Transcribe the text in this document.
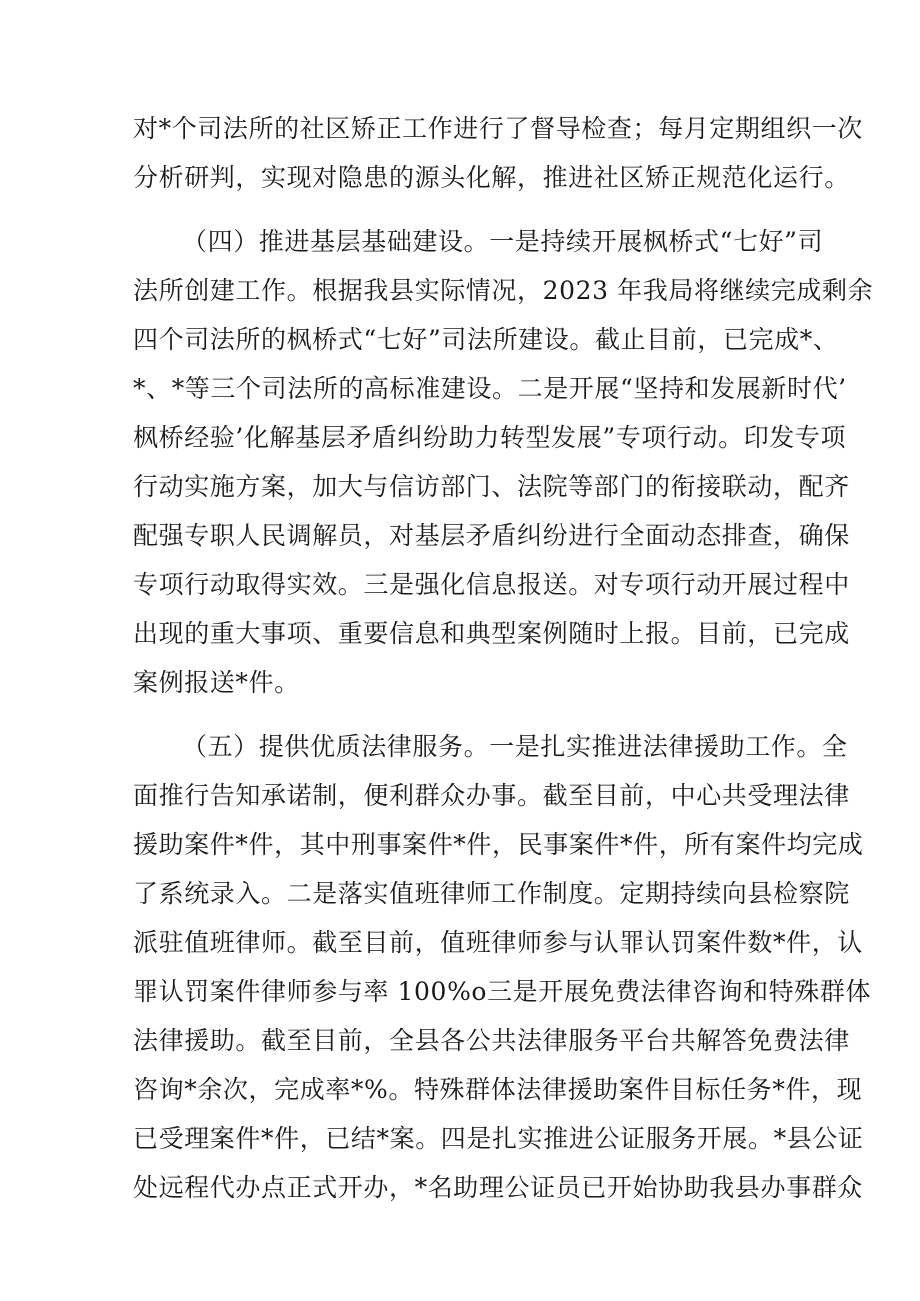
对*个司法所的社区矫正工作进行了督导检查；每月定期组织一次
分析研判，实现对隐患的源头化解，推进社区矫正规范化运行。
（四）推进基层基础建设。一是持续开展枫桥式“七好”司
法所创建工作。根据我县实际情况，2023 年我局将继续完成剩余
四个司法所的枫桥式“七好”司法所建设。截止目前，已完成*、
*、*等三个司法所的高标准建设。二是开展“坚持和发展新时代’
枫桥经验’化解基层矛盾纠纷助力转型发展”专项行动。印发专项
行动实施方案，加大与信访部门、法院等部门的衔接联动，配齐
配强专职人民调解员，对基层矛盾纠纷进行全面动态排查，确保
专项行动取得实效。三是强化信息报送。对专项行动开展过程中
出现的重大事项、重要信息和典型案例随时上报。目前，已完成
案例报送*件。
（五）提供优质法律服务。一是扎实推进法律援助工作。全
面推行告知承诺制，便利群众办事。截至目前，中心共受理法律
援助案件*件，其中刑事案件*件，民事案件*件，所有案件均完成
了系统录入。二是落实值班律师工作制度。定期持续向县检察院
派驻值班律师。截至目前，值班律师参与认罪认罚案件数*件，认
罪认罚案件律师参与率 100%o三是开展免费法律咨询和特殊群体
法律援助。截至目前，全县各公共法律服务平台共解答免费法律
咨询*余次，完成率*%。特殊群体法律援助案件目标任务*件，现
已受理案件*件，已结*案。四是扎实推进公证服务开展。*县公证
处远程代办点正式开办，*名助理公证员已开始协助我县办事群众
